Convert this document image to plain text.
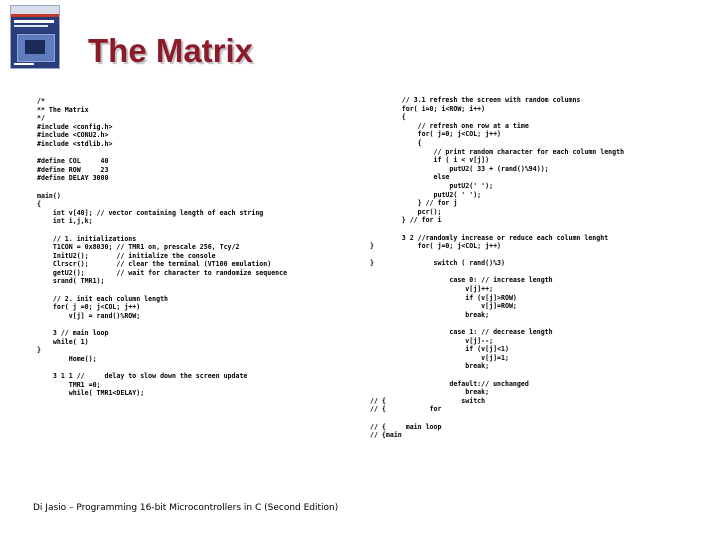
The Matrix
/*
** The Matrix
*/
#include <config.h>
#include <CONU2.h>
#include <stdlib.h>

#define COL     40
#define ROW     23
#define DELAY 3000

main()
{
int v[40]; // vector containing length of each string
int i,j,k;

// 1. initializations
T1CON = 0x8030; // TMR1 on, prescale 256, Tcy/2
InitU2();       // initialize the console
Clrscr();       // clear the terminal (VT100 emulation)
getU2();        // wait for character to randomize sequence
srand( TMR1);

// 2. init each column length
for( j =0; j<COL; j++)
v[j] = rand()%ROW;

3 // main loop
while( 1)
}
Home();

3 1 1 //     delay to slow down the screen update
TMR1 =0;
while( TMR1<DELAY);
// 3.1 refresh the screen with random columns
for( i=0; i<ROW; i++)
{
// refresh one row at a time
for( j=0; j<COL; j++)
{
// print random character for each column length
if ( i < v[j])
putU2( 33 + (rand()%94));
else
putU2(' ');
putU2( ' ');
} // for j
pcr();
} // for i

3 2 //randomly increase or reduce each column lenght
}           for( j=0; j<COL; j++)

}               switch ( rand()%3)

case 0: // increase length
v[j]++;
if (v[j]>ROW)
v[j]=ROW;
break;

case 1: // decrease length
v[j]--;
if (v[j]<1)
v[j]=1;
break;

default:// unchanged
break;
// {                   switch
// {           for

// {     main loop
// {main

Di Jasio – Programming 16-bit Microcontrollers in C (Second Edition)
